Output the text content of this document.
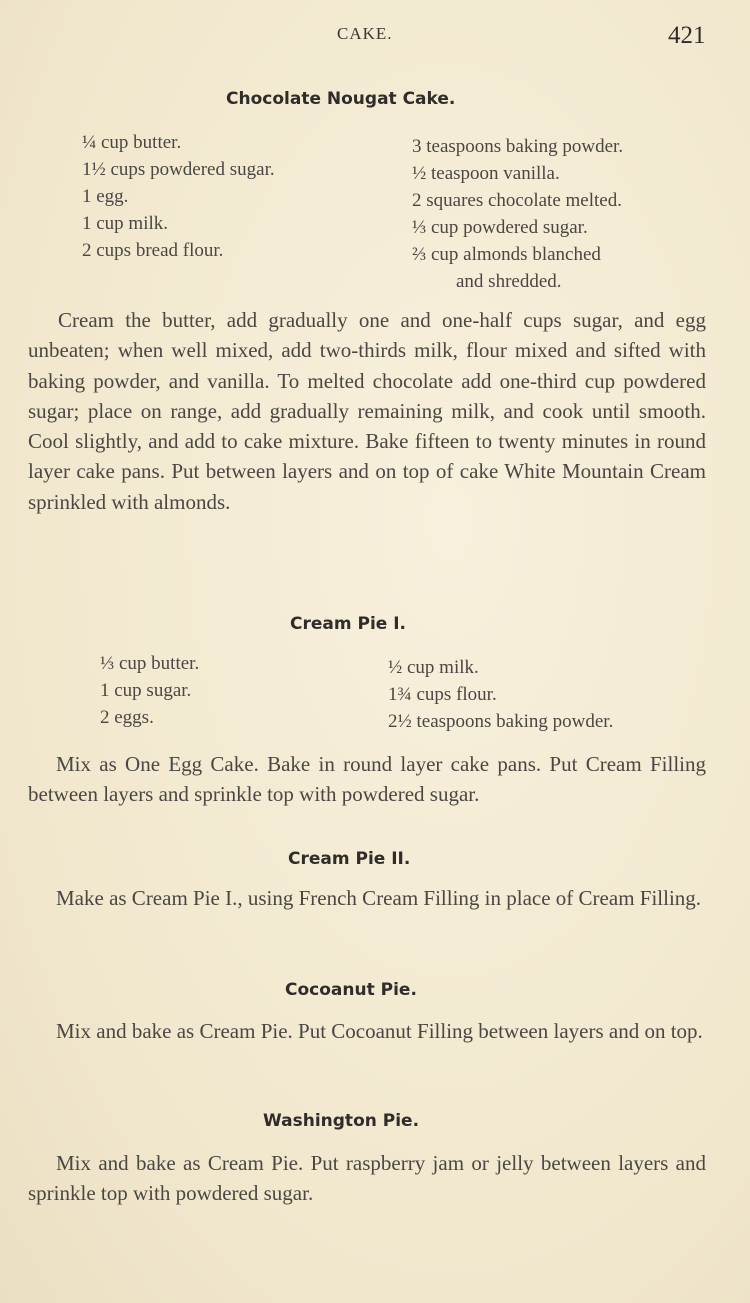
CAKE.	421
Chocolate Nougat Cake.
¼ cup butter.
1½ cups powdered sugar.
1 egg.
1 cup milk.
2 cups bread flour.
3 teaspoons baking powder.
½ teaspoon vanilla.
2 squares chocolate melted.
⅓ cup powdered sugar.
⅔ cup almonds blanched
and shredded.

Cream the butter, add gradually one and one-half cups sugar, and egg unbeaten; when well mixed, add two-thirds milk, flour mixed and sifted with baking powder, and vanilla. To melted chocolate add one-third cup powdered sugar; place on range, add gradually remaining milk, and cook until smooth. Cool slightly, and add to cake mixture. Bake fifteen to twenty minutes in round layer cake pans. Put between layers and on top of cake White Mountain Cream sprinkled with almonds.

Cream Pie I.
⅓ cup butter.
1 cup sugar.
2 eggs.
½ cup milk.
1¾ cups flour.
2½ teaspoons baking powder.

Mix as One Egg Cake. Bake in round layer cake pans. Put Cream Filling between layers and sprinkle top with powdered sugar.

Cream Pie II.

Make as Cream Pie I., using French Cream Filling in place of Cream Filling.

Cocoanut Pie.

Mix and bake as Cream Pie. Put Cocoanut Filling between layers and on top.

Washington Pie.

Mix and bake as Cream Pie. Put raspberry jam or jelly between layers and sprinkle top with powdered sugar.
